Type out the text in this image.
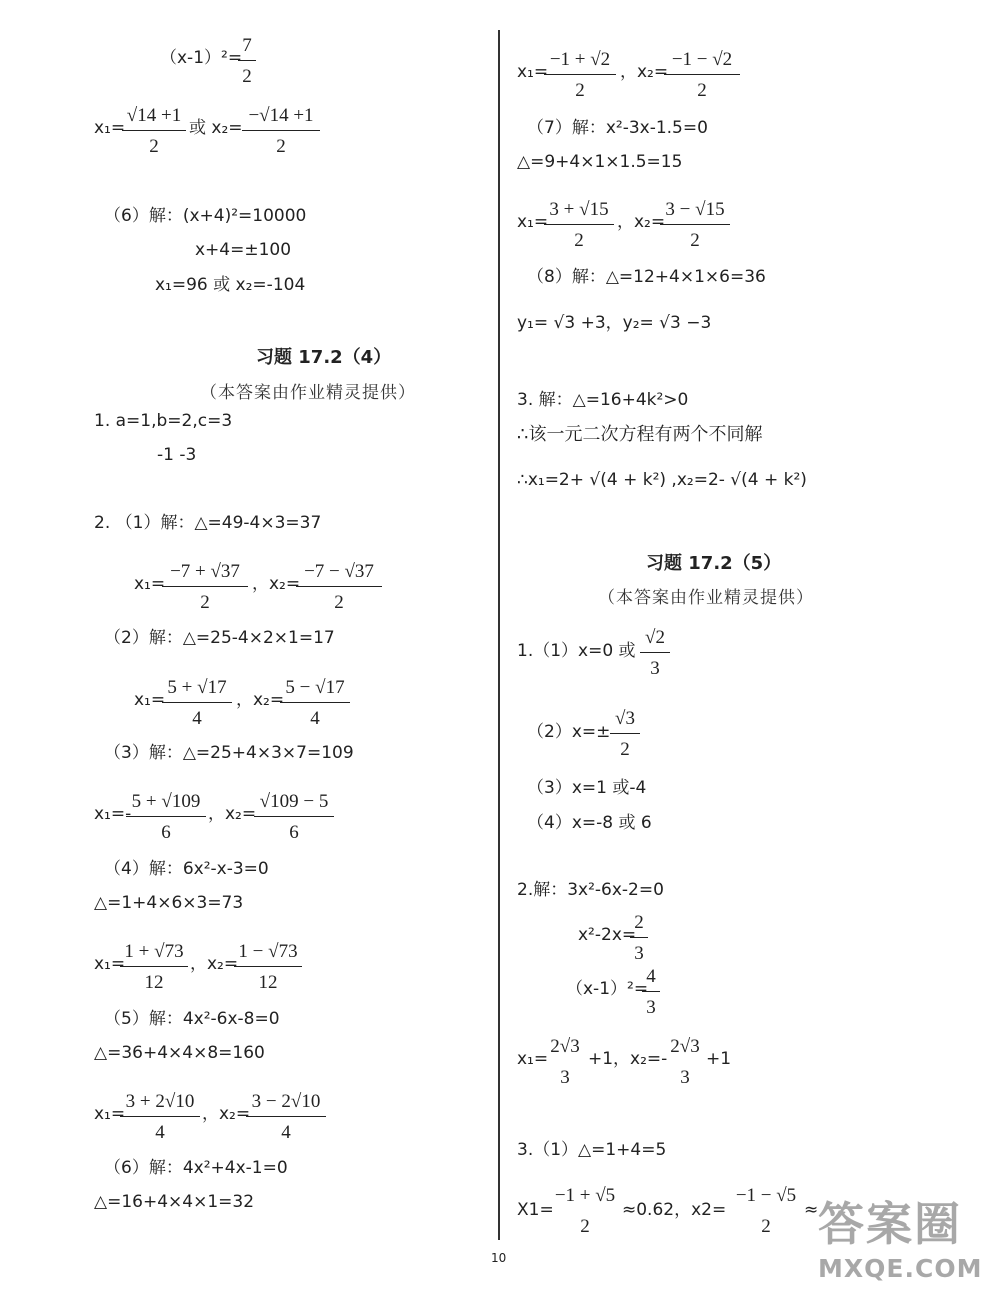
（x-1）²=
7
2
x₁=
√14 +1
2
或 x₂=
−√14 +1
2
（6）解：(x+4)²=10000
x+4=±100
x₁=96 或 x₂=-104
习题 17.2（4）
（本答案由作业精灵提供）
1. a=1,b=2,c=3
-1 -3
2. （1）解：△=49-4×3=37
x₁=
−7 + √37
2
，x₂=
−7 − √37
2
（2）解：△=25-4×2×1=17
x₁=
5 + √17
4
，x₂=
5 − √17
4
（3）解：△=25+4×3×7=109
x₁=-
5 + √109
6
，x₂=
√109 − 5
6
（4）解：6x²-x-3=0
△=1+4×6×3=73
x₁=
1 + √73
12
，x₂=
1 − √73
12
（5）解：4x²-6x-8=0
△=36+4×4×8=160
x₁=
3 + 2√10
4
，x₂=
3 − 2√10
4
（6）解：4x²+4x-1=0
△=16+4×4×1=32
x₁=
−1 + √2
2
，x₂=
−1 − √2
2
（7）解：x²-3x-1.5=0
△=9+4×1×1.5=15
x₁=
3 + √15
2
，x₂=
3 − √15
2
（8）解：△=12+4×1×6=36
y₁= √3 +3，y₂= √3 −3
3. 解：△=16+4k²>0
∴该一元二次方程有两个不同解
∴x₁=2+ √(4 + k²) ,x₂=2- √(4 + k²)
习题 17.2（5）
（本答案由作业精灵提供）
1.（1）x=0 或
√2
3
（2）x=±
√3
2
（3）x=1 或-4
（4）x=-8 或 6
2.解：3x²-6x-2=0
x²-2x=
2
3
（x-1）²=
4
3
x₁=
2√3
3
+1，x₂=-
2√3
3
+1
3.（1）△=1+4=5
X1=
−1 + √5
2
≈0.62，x2=
−1 − √5
2
≈
10
答案圈
MXQE.COM
